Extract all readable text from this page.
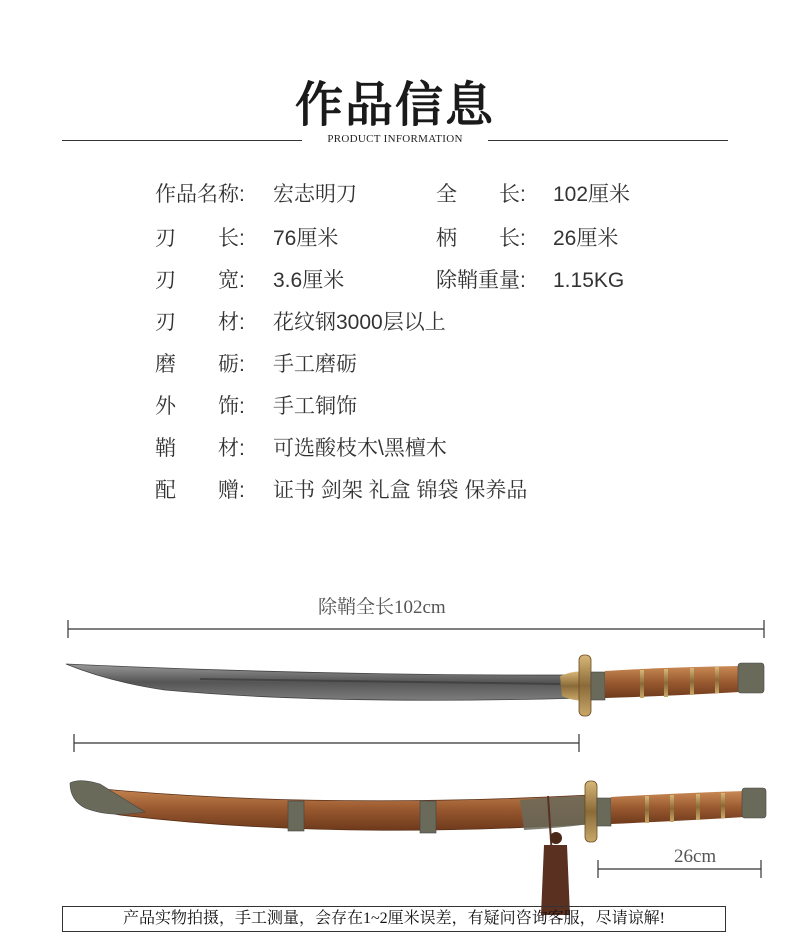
作品信息
PRODUCT INFORMATION
作品名称: 宏志明刀	全　　长: 102厘米
刃　　长: 76厘米	柄　　长: 26厘米
刃　　宽: 3.6厘米	除鞘重量: 1.15KG
刃　　材: 花纹钢3000层以上
磨　　砺: 手工磨砺
外　　饰: 手工铜饰
鞘　　材: 可选酸枝木\黑檀木
配　　赠: 证书 剑架 礼盒 锦袋 保养品
除鞘全长102cm
26cm
产品实物拍摄，手工测量，会存在1~2厘米误差，有疑问咨询客服，尽请谅解!
